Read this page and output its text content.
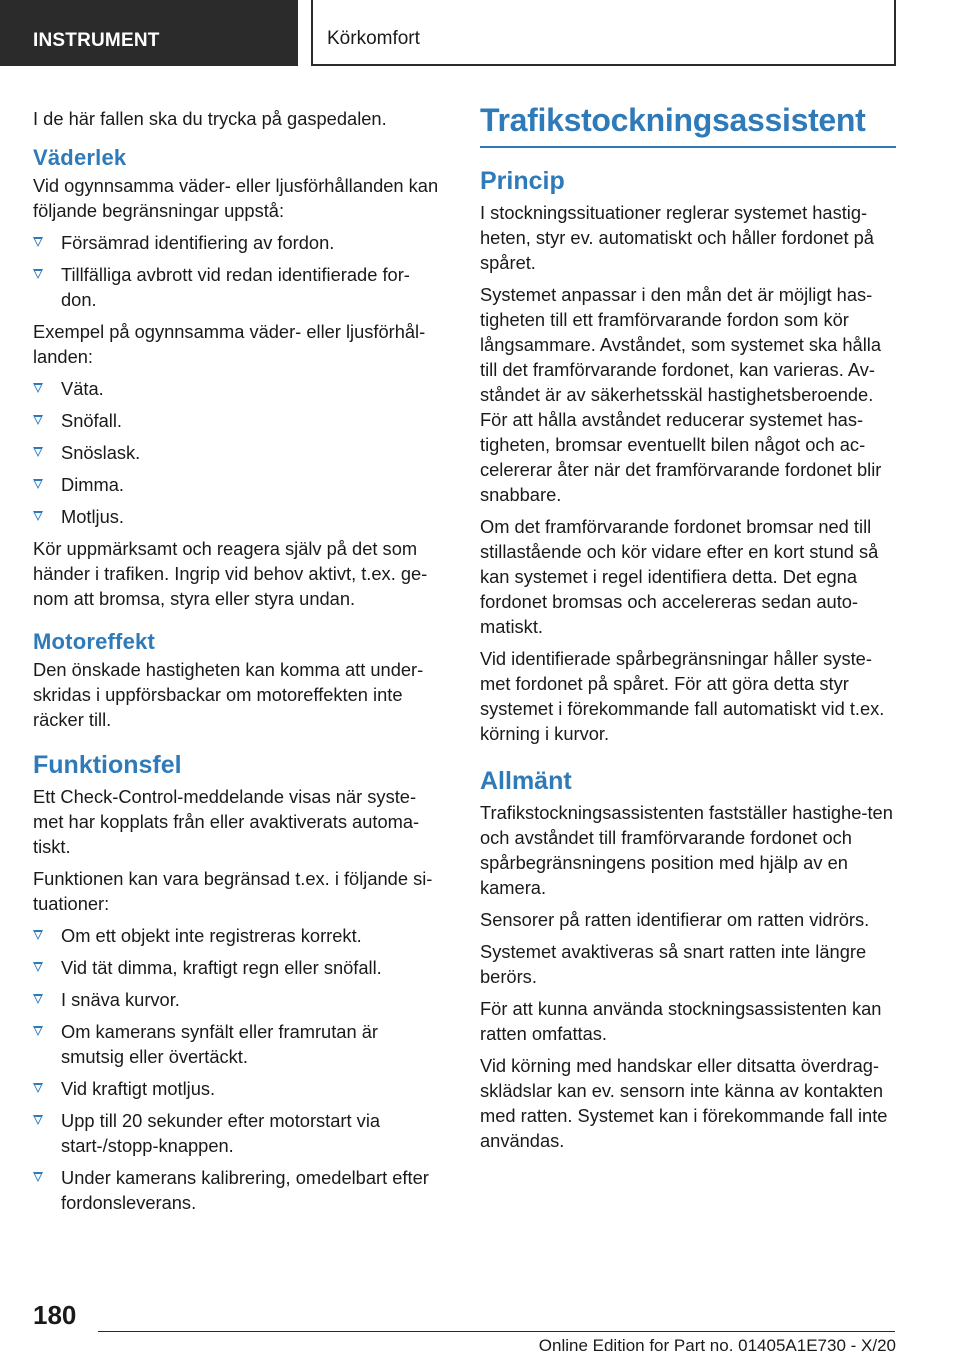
INSTRUMENT	Körkomfort

I de här fallen ska du trycka på gaspedalen.

Väderlek

Vid ogynnsamma väder- eller ljusförhållanden kan följande begränsningar uppstå:

Försämrad identifiering av fordon.
Tillfälliga avbrott vid redan identifierade for-don.

Exempel på ogynnsamma väder- eller ljusförhål-landen:

Väta.
Snöfall.
Snöslask.
Dimma.
Motljus.

Kör uppmärksamt och reagera själv på det som händer i trafiken. Ingrip vid behov aktivt, t.ex. ge-nom att bromsa, styra eller styra undan.

Motoreffekt

Den önskade hastigheten kan komma att under-skridas i uppförsbackar om motoreffekten inte räcker till.

Funktionsfel

Ett Check-Control-meddelande visas när syste-met har kopplats från eller avaktiverats automa-tiskt.

Funktionen kan vara begränsad t.ex. i följande si-tuationer:

Om ett objekt inte registreras korrekt.
Vid tät dimma, kraftigt regn eller snöfall.
I snäva kurvor.
Om kamerans synfält eller framrutan är smutsig eller övertäckt.
Vid kraftigt motljus.
Upp till 20 sekunder efter motorstart via start-/stopp-knappen.
Under kamerans kalibrering, omedelbart efter fordonsleverans.
Trafikstockningsassistent
Princip

I stockningssituationer reglerar systemet hastig-heten, styr ev. automatiskt och håller fordonet på spåret.

Systemet anpassar i den mån det är möjligt has-tigheten till ett framförvarande fordon som kör långsammare. Avståndet, som systemet ska hålla till det framförvarande fordonet, kan varieras. Av-ståndet är av säkerhetsskäl hastighetsberoende. För att hålla avståndet reducerar systemet has-tigheten, bromsar eventuellt bilen något och ac-celererar åter när det framförvarande fordonet blir snabbare.

Om det framförvarande fordonet bromsar ned till stillastående och kör vidare efter en kort stund så kan systemet i regel identifiera detta. Det egna fordonet bromsas och accelereras sedan auto-matiskt.

Vid identifierade spårbegränsningar håller syste-met fordonet på spåret. För att göra detta styr systemet i förekommande fall automatiskt vid t.ex. körning i kurvor.

Allmänt

Trafikstockningsassistenten fastställer hastighe-ten och avståndet till framförvarande fordonet och spårbegränsningens position med hjälp av en kamera.

Sensorer på ratten identifierar om ratten vidrörs.

Systemet avaktiveras så snart ratten inte längre berörs.

För att kunna använda stockningsassistenten kan ratten omfattas.

Vid körning med handskar eller ditsatta överdrag-sklädslar kan ev. sensorn inte känna av kontakten med ratten. Systemet kan i förekommande fall inte användas.

180
Online Edition for Part no. 01405A1E730 - X/20
